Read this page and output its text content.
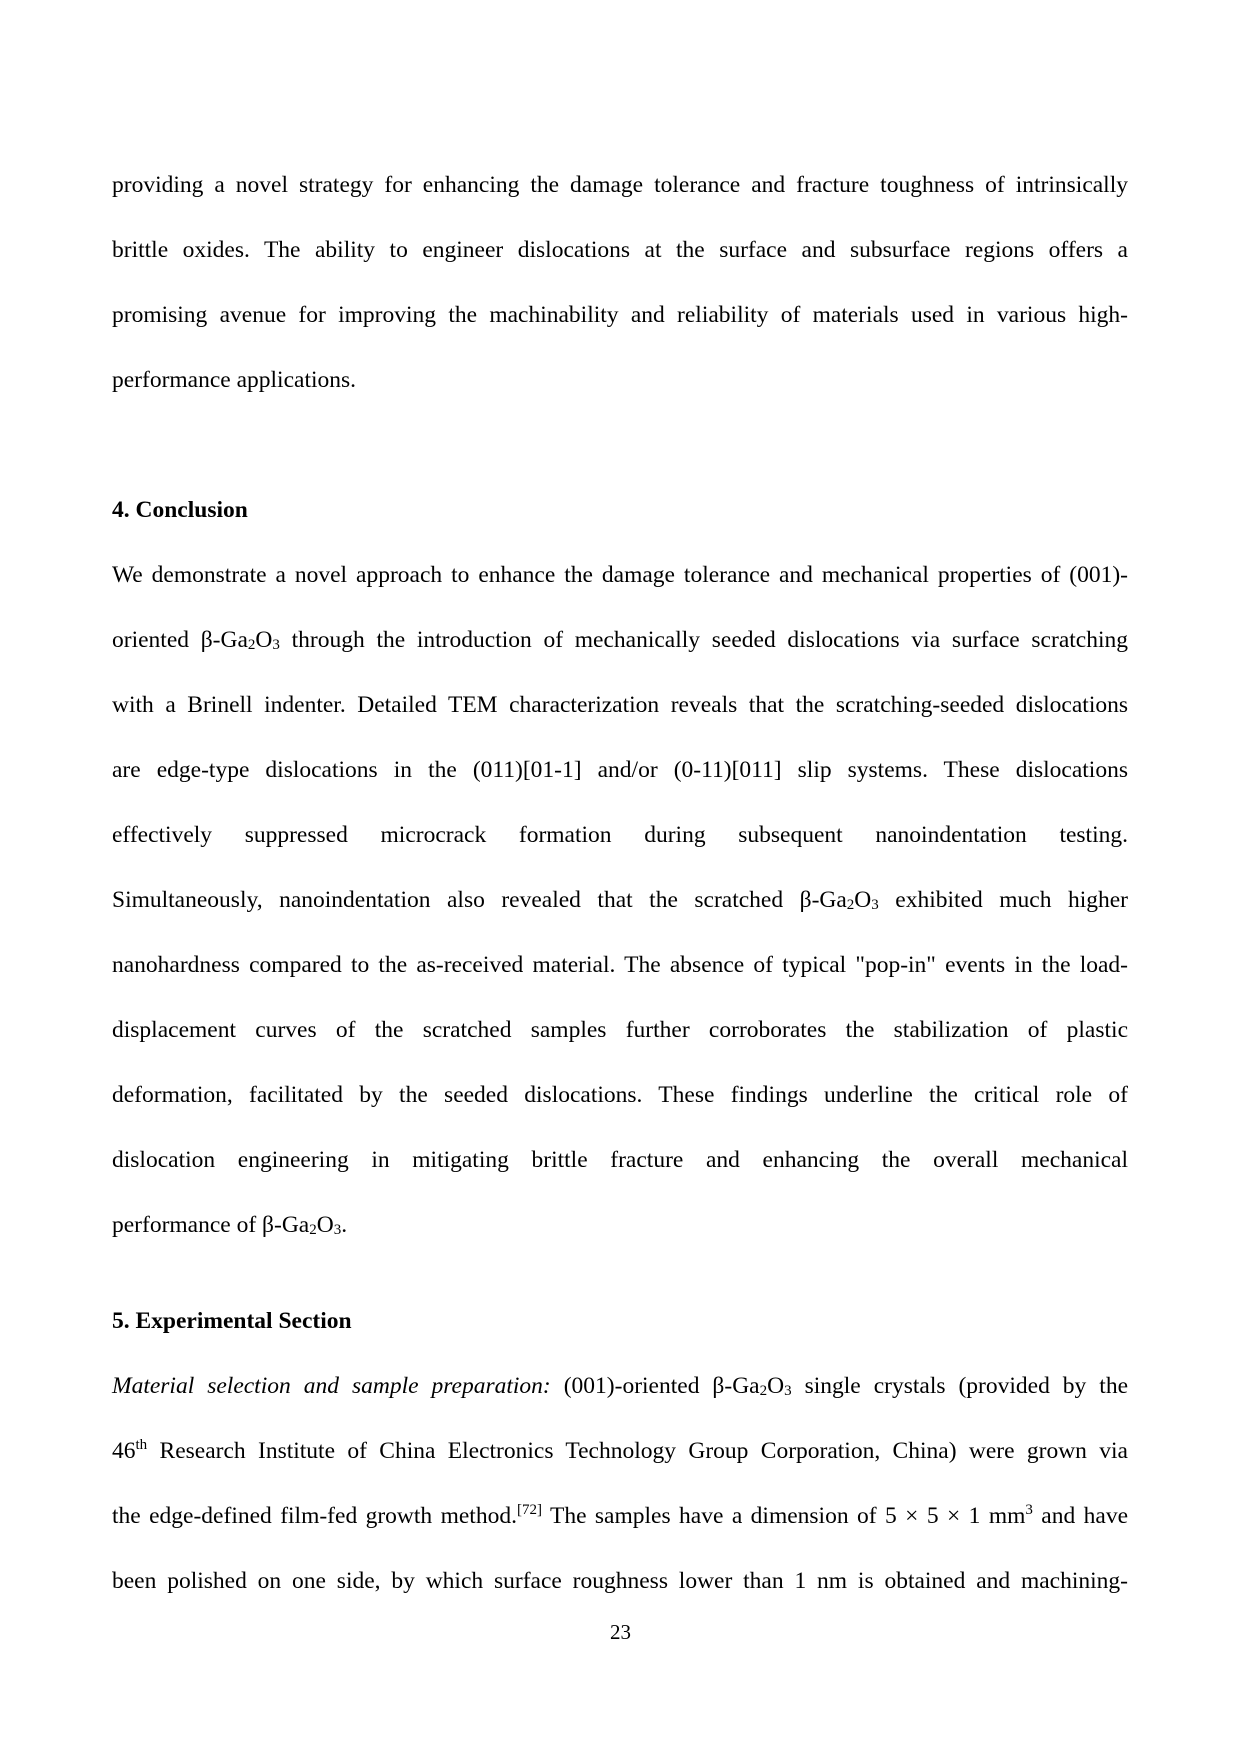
providing a novel strategy for enhancing the damage tolerance and fracture toughness of intrinsically
brittle oxides. The ability to engineer dislocations at the surface and subsurface regions offers a
promising avenue for improving the machinability and reliability of materials used in various high-
performance applications.
4. Conclusion
We demonstrate a novel approach to enhance the damage tolerance and mechanical properties of (001)-
oriented β-Ga2O3 through the introduction of mechanically seeded dislocations via surface scratching
with a Brinell indenter. Detailed TEM characterization reveals that the scratching-seeded dislocations
are edge-type dislocations in the (011)[01-1] and/or (0-11)[011] slip systems. These dislocations
effectively suppressed microcrack formation during subsequent nanoindentation testing.
Simultaneously, nanoindentation also revealed that the scratched β-Ga2O3 exhibited much higher
nanohardness compared to the as-received material. The absence of typical "pop-in" events in the load-
displacement curves of the scratched samples further corroborates the stabilization of plastic
deformation, facilitated by the seeded dislocations. These findings underline the critical role of
dislocation engineering in mitigating brittle fracture and enhancing the overall mechanical
performance of β-Ga2O3.
5. Experimental Section
Material selection and sample preparation: (001)-oriented β-Ga2O3 single crystals (provided by the
46th Research Institute of China Electronics Technology Group Corporation, China) were grown via
the edge-defined film-fed growth method.[72] The samples have a dimension of 5 × 5 × 1 $mm^3$ and have
been polished on one side, by which surface roughness lower than 1 nm is obtained and machining-
23
